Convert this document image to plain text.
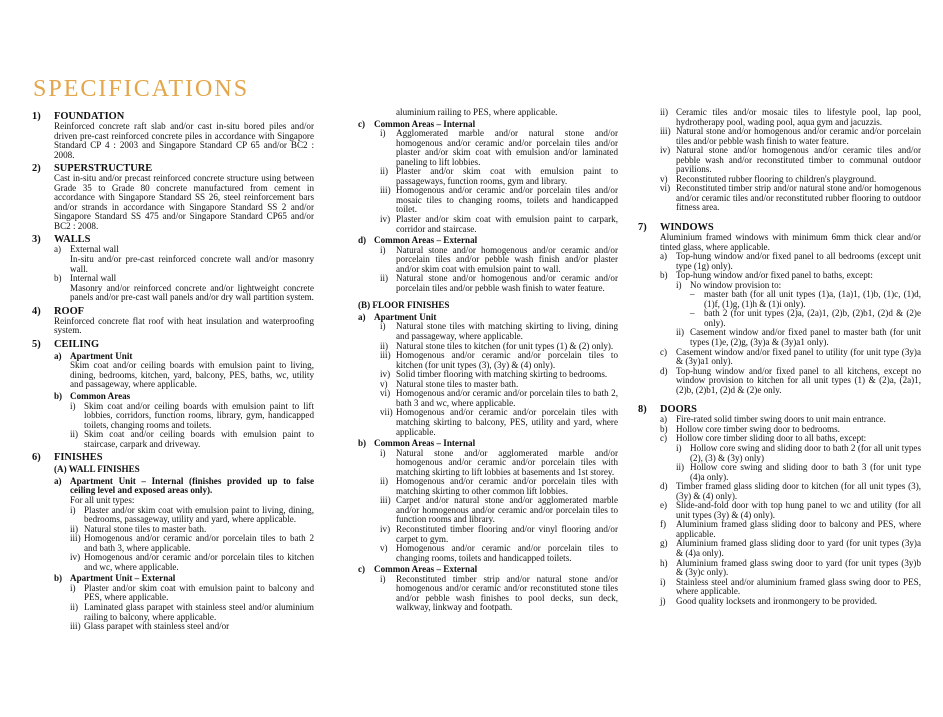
SPECIFICATIONS
1)	FOUNDATION
Reinforced concrete raft slab and/or cast in-situ bored piles and/or driven pre-cast reinforced concrete piles in accordance with Singapore Standard CP 4 : 2003 and Singapore Standard CP 65 and/or BC2 : 2008.
2)	SUPERSTRUCTURE
Cast in-situ and/or precast reinforced concrete structure using between Grade 35 to Grade 80 concrete manufactured from cement in accordance with Singapore Standard SS 26, steel reinforcement bars and/or strands in accordance with Singapore Standard SS 2 and/or Singapore Standard SS 475 and/or Singapore Standard CP65 and/or BC2 : 2008.
3)	WALLS
a) External wall
In-situ and/or pre-cast reinforced concrete wall and/or masonry wall.
b) Internal wall
Masonry and/or reinforced concrete and/or lightweight concrete panels and/or pre-cast wall panels and/or dry wall partition system.
4)	ROOF
Reinforced concrete flat roof with heat insulation and waterproofing system.
5)	CEILING
a) Apartment Unit
Skim coat and/or ceiling boards with emulsion paint to living, dining, bedrooms, kitchen, yard, balcony, PES, baths, wc, utility and passageway, where applicable.
b) Common Areas
i) Skim coat and/or ceiling boards with emulsion paint to lift lobbies, corridors, function rooms, library, gym, handicapped toilets, changing rooms and toilets.
ii) Skim coat and/or ceiling boards with emulsion paint to staircase, carpark and driveway.
6)	FINISHES
(A) WALL FINISHES
a) Apartment Unit – Internal (finishes provided up to false ceiling level and exposed areas only).
For all unit types:
i) Plaster and/or skim coat with emulsion paint to living, dining, bedrooms, passageway, utility and yard, where applicable.
ii) Natural stone tiles to master bath.
iii) Homogenous and/or ceramic and/or porcelain tiles to bath 2 and bath 3, where applicable.
iv) Homogenous and/or ceramic and/or porcelain tiles to kitchen and wc, where applicable.
b) Apartment Unit – External
i) Plaster and/or skim coat with emulsion paint to balcony and PES, where applicable.
ii) Laminated glass parapet with stainless steel and/or aluminium railing to balcony, where applicable.
iii) Glass parapet with stainless steel and/or
aluminium railing to PES, where applicable.
c) Common Areas – Internal
i)	Agglomerated marble and/or natural stone and/or homogenous and/or ceramic and/or porcelain tiles and/or plaster and/or skim coat with emulsion and/or laminated paneling to lift lobbies.
ii) Plaster and/or skim coat with emulsion paint to passageways, function rooms, gym and library.
iii) Homogenous and/or ceramic and/or porcelain tiles and/or mosaic tiles to changing rooms, toilets and handicapped toilet.
iv) Plaster and/or skim coat with emulsion paint to carpark, corridor and staircase.
d) Common Areas – External
i)	Natural stone and/or homogenous and/or ceramic and/or porcelain tiles and/or pebble wash finish and/or plaster and/or skim coat with emulsion paint to wall.
ii) Natural stone and/or homogenous and/or ceramic and/or porcelain tiles and/or pebble wash finish to water feature.
(B) FLOOR FINISHES
a) Apartment Unit
i)	Natural stone tiles with matching skirting to living, dining and passageway, where applicable.
ii) Natural stone tiles to kitchen (for unit types (1) & (2) only).
iii) Homogenous and/or ceramic and/or porcelain tiles to kitchen (for unit types (3), (3y) & (4) only).
iv) Solid timber flooring with matching skirting to bedrooms.
v) Natural stone tiles to master bath.
vi) Homogenous and/or ceramic and/or porcelain tiles to bath 2, bath 3 and wc, where applicable.
vii) Homogenous and/or ceramic and/or porcelain tiles with matching skirting to balcony, PES, utility and yard, where applicable.
b) Common Areas – Internal
i)	Natural stone and/or agglomerated marble and/or homogenous and/or ceramic and/or porcelain tiles with matching skirting to lift lobbies at basements and 1st storey.
ii) Homogenous and/or ceramic and/or porcelain tiles with matching skirting to other common lift lobbies.
iii) Carpet and/or natural stone and/or agglomerated marble and/or homogenous and/or ceramic and/or porcelain tiles to function rooms and library.
iv) Reconstituted timber flooring and/or vinyl flooring and/or carpet to gym.
v) Homogenous and/or ceramic and/or porcelain tiles to changing rooms, toilets and handicapped toilets.
c) Common Areas – External
i)	Reconstituted timber strip and/or natural stone and/or homogenous and/or ceramic and/or reconstituted stone tiles and/or pebble wash finishes to pool decks, sun deck, walkway, linkway and footpath.
ii) Ceramic tiles and/or mosaic tiles to lifestyle pool, lap pool, hydrotherapy pool, wading pool, aqua gym and jacuzzis.
iii) Natural stone and/or homogenous and/or ceramic and/or porcelain tiles and/or pebble wash finish to water feature.
iv) Natural stone and/or homogenous and/or ceramic tiles and/or pebble wash and/or reconstituted timber to communal outdoor pavilions.
v) Reconstituted rubber flooring to children's playground.
vi) Reconstituted timber strip and/or natural stone and/or homogenous and/or ceramic tiles and/or reconstituted rubber flooring to outdoor fitness area.
7)	WINDOWS
Aluminium framed windows with minimum 6mm thick clear and/or tinted glass, where applicable.
a) Top-hung window and/or fixed panel to all bedrooms (except unit type (1g) only).
b) Top-hung window and/or fixed panel to baths, except:
i) No window provision to:
–	master bath (for all unit types (1)a, (1a)1, (1)b, (1)c, (1)d, (1)f, (1)g, (1)h & (1)i only).
–	bath 2 (for unit types (2)a, (2a)1, (2)b, (2)b1, (2)d & (2)e only).
ii) Casement window and/or fixed panel to master bath (for unit types (1)e, (2)g, (3y)a & (3y)a1 only).
c) Casement window and/or fixed panel to utility (for unit type (3y)a & (3y)a1 only).
d) Top-hung window and/or fixed panel to all kitchens, except no window provision to kitchen for all unit types (1) & (2)a, (2a)1, (2)b, (2)b1, (2)d & (2)e only.
8)	DOORS
a) Fire-rated solid timber swing doors to unit main entrance.
b) Hollow core timber swing door to bedrooms.
c) Hollow core timber sliding door to all baths, except:
i) Hollow core swing and sliding door to bath 2 (for all unit types (2), (3) & (3y) only)
ii) Hollow core swing and sliding door to bath 3 (for unit type (4)a only).
d) Timber framed glass sliding door to kitchen (for all unit types (3), (3y) & (4) only).
e) Slide-and-fold door with top hung panel to wc and utility (for all unit types (3y) & (4) only).
f)	Aluminium framed glass sliding door to balcony and PES, where applicable.
g) Aluminium framed glass sliding door to yard (for unit types (3y)a & (4)a only).
h) Aluminium framed glass swing door to yard (for unit types (3y)b & (3y)c only).
i)	Stainless steel and/or aluminium framed glass swing door to PES, where applicable.
j)	Good quality locksets and ironmongery to be provided.
